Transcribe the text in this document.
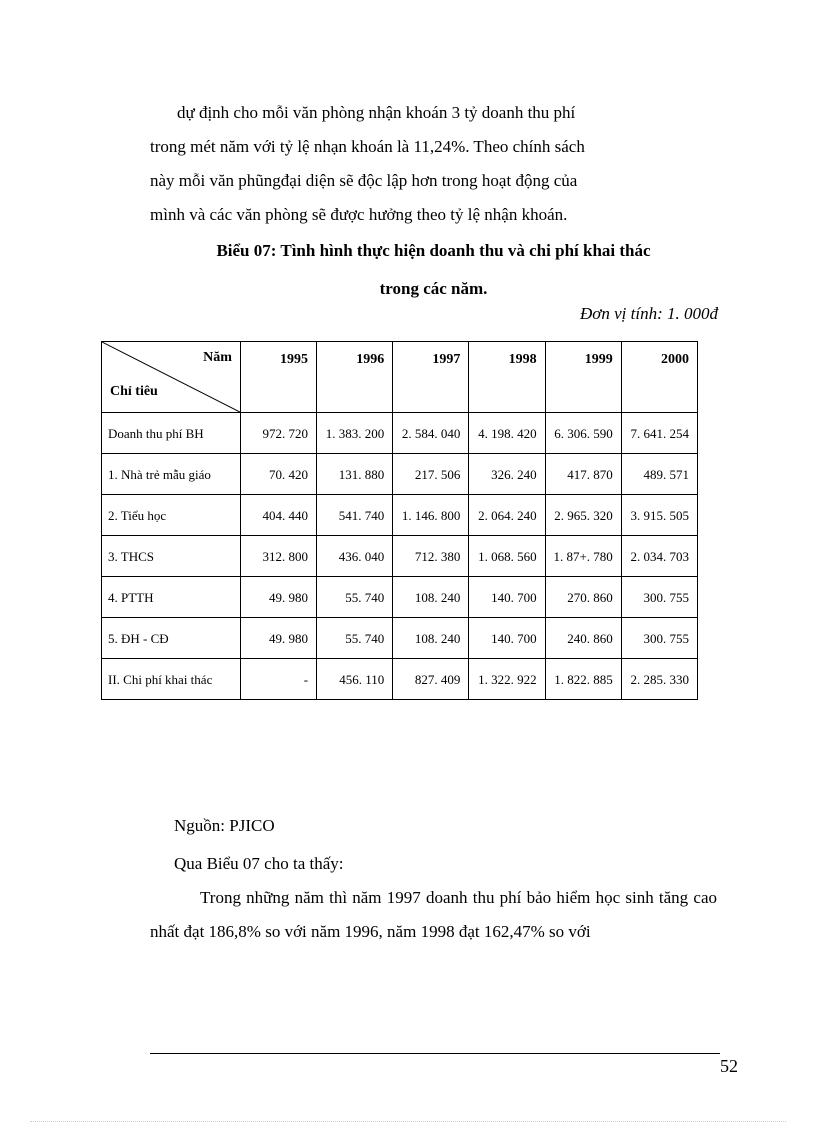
dự định cho mỗi văn phòng nhận khoán 3 tỷ doanh thu phí
trong mét năm với tỷ lệ nhạn khoán là 11,24%. Theo chính sách
này mỗi văn phũngđại diện sẽ độc lập hơn trong hoạt động của
mình và các văn phòng sẽ được hưởng theo tỷ lệ nhận khoán.
Biểu 07: Tình hình thực hiện doanh thu và chi phí khai thác
trong các năm.
Đơn vị tính: 1. 000đ
Năm
Chỉ tiêu	1995	1996	1997	1998	1999	2000
Doanh thu phí BH	972. 720	1. 383. 200	2. 584. 040	4. 198. 420	6. 306. 590	7. 641. 254
1. Nhà trẻ mẫu giáo	70. 420	131. 880	217. 506	326. 240	417. 870	489. 571
2. Tiểu học	404. 440	541. 740	1. 146. 800	2. 064. 240	2. 965. 320	3. 915. 505
3. THCS	312. 800	436. 040	712. 380	1. 068. 560	1. 87+. 780	2. 034. 703
4. PTTH	49. 980	55. 740	108. 240	140. 700	270. 860	300. 755
5. ĐH - CĐ	49. 980	55. 740	108. 240	140. 700	240. 860	300. 755
II. Chi phí khai thác	-	456. 110	827. 409	1. 322. 922	1. 822. 885	2. 285. 330
Nguồn: PJICO
Qua Biểu 07 cho ta thấy:
Trong những năm thì năm 1997 doanh thu phí bảo hiểm học sinh tăng cao nhất đạt 186,8% so với năm 1996, năm 1998 đạt 162,47% so với
52
